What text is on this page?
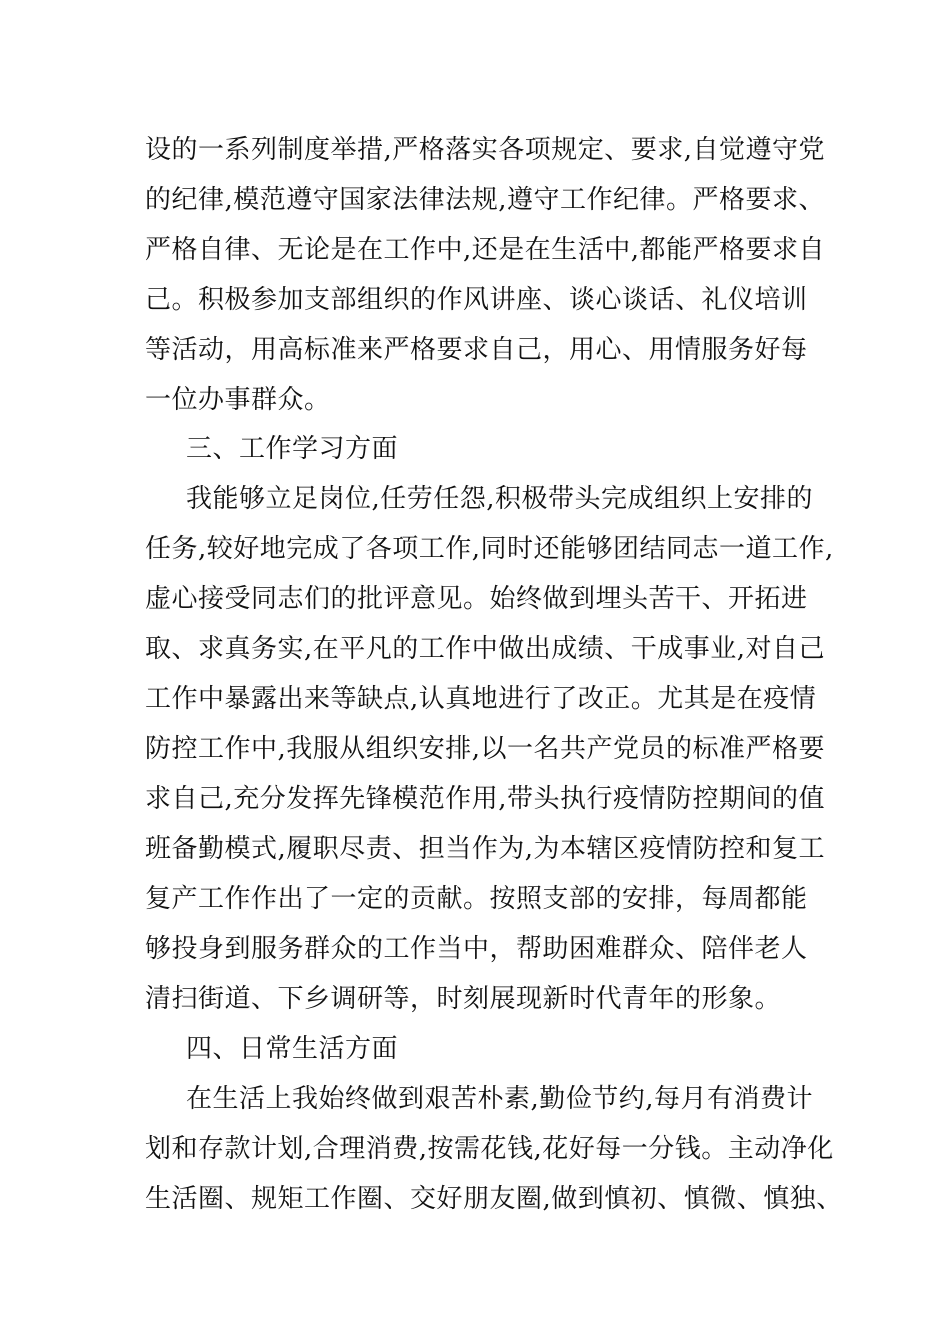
设的一系列制度举措,严格落实各项规定、要求,自觉遵守党
的纪律,模范遵守国家法律法规,遵守工作纪律。严格要求、
严格自律、无论是在工作中,还是在生活中,都能严格要求自
己。积极参加支部组织的作风讲座、谈心谈话、礼仪培训
等活动，用高标准来严格要求自己，用心、用情服务好每
一位办事群众。
三、工作学习方面
我能够立足岗位,任劳任怨,积极带头完成组织上安排的
任务,较好地完成了各项工作,同时还能够团结同志一道工作,
虚心接受同志们的批评意见。始终做到埋头苦干、开拓进
取、求真务实,在平凡的工作中做出成绩、干成事业,对自己
工作中暴露出来等缺点,认真地进行了改正。尤其是在疫情
防控工作中,我服从组织安排,以一名共产党员的标准严格要
求自己,充分发挥先锋模范作用,带头执行疫情防控期间的值
班备勤模式,履职尽责、担当作为,为本辖区疫情防控和复工
复产工作作出了一定的贡献。按照支部的安排，每周都能
够投身到服务群众的工作当中，帮助困难群众、陪伴老人
清扫街道、下乡调研等，时刻展现新时代青年的形象。
四、日常生活方面
在生活上我始终做到艰苦朴素,勤俭节约,每月有消费计
划和存款计划,合理消费,按需花钱,花好每一分钱。主动净化
生活圈、规矩工作圈、交好朋友圈,做到慎初、慎微、慎独、
